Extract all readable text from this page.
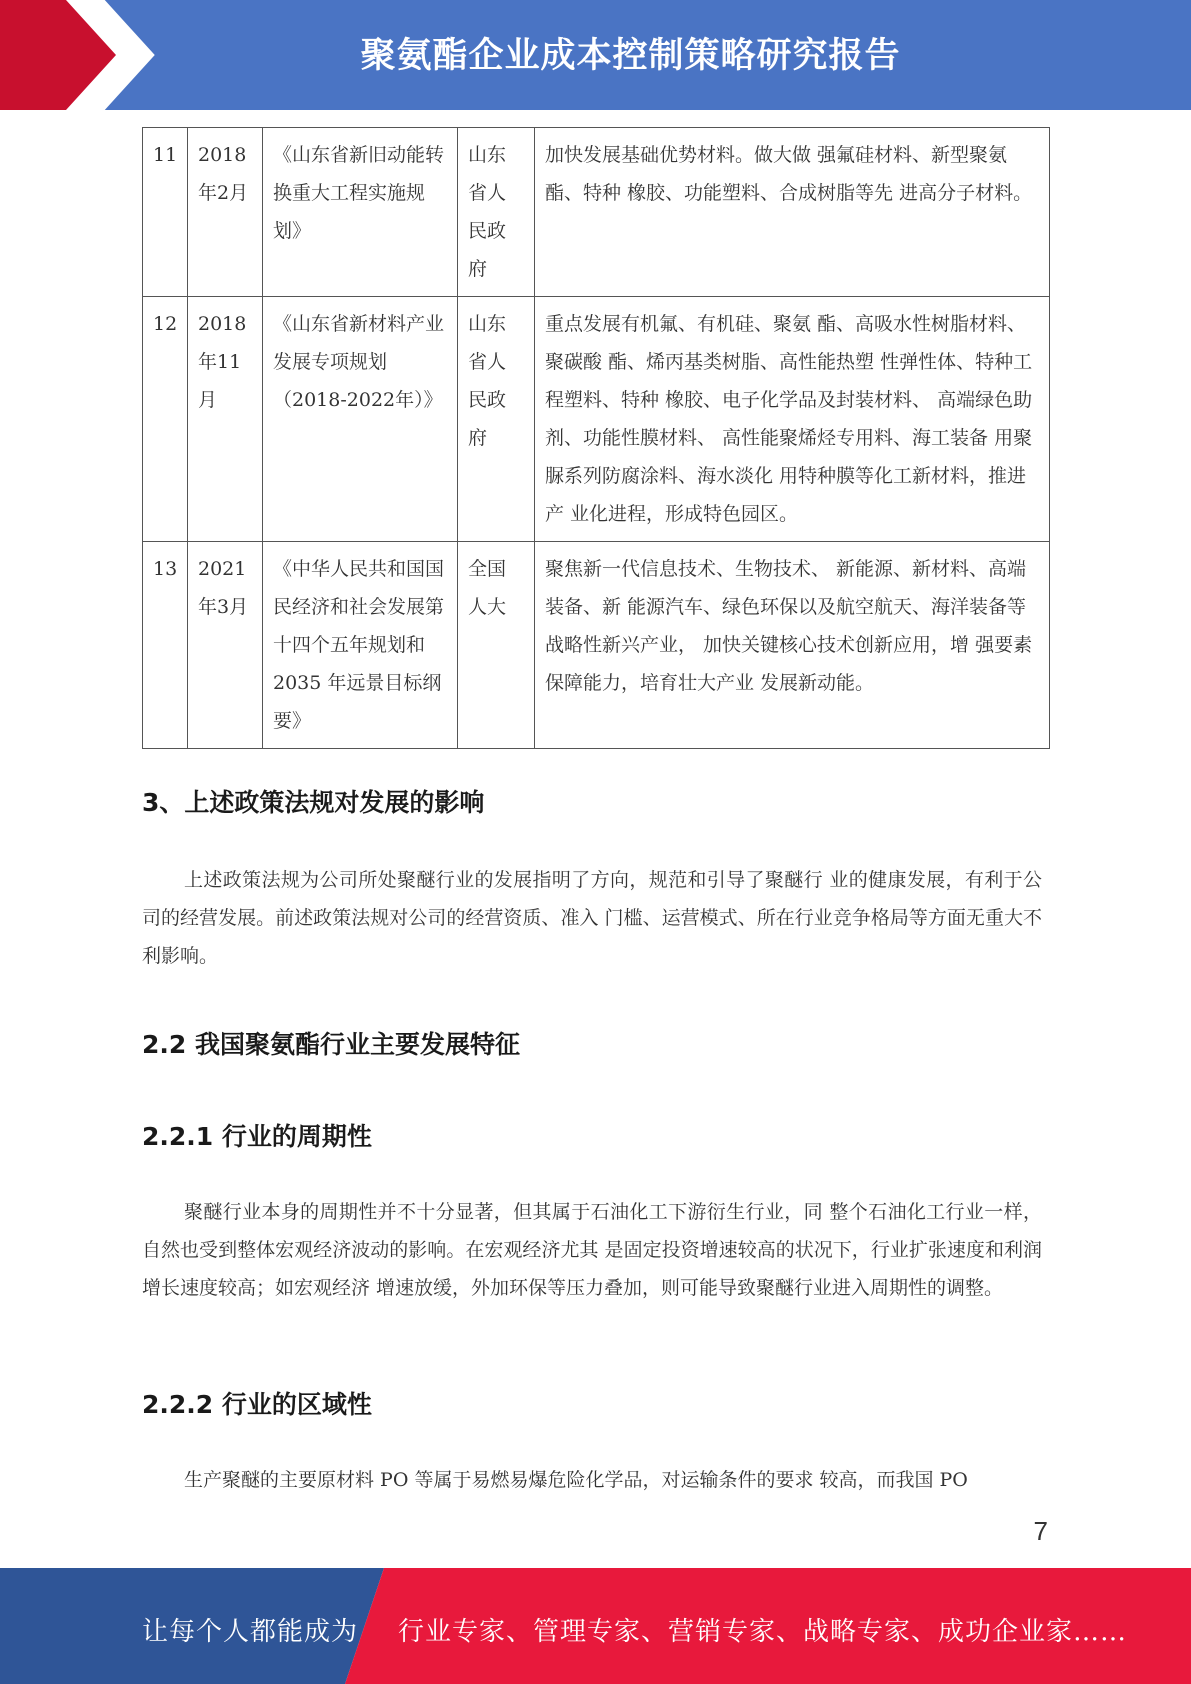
聚氨酯企业成本控制策略研究报告
11	2018年2月	《山东省新旧动能转换重大工程实施规划》	山东省人民政府	加快发展基础优势材料。做大做 强氟硅材料、新型聚氨酯、特种 橡胶、功能塑料、合成树脂等先 进高分子材料。
12	2018年11月	《山东省新材料产业发展专项规划（2018-2022年）》	山东省人民政府	重点发展有机氟、有机硅、聚氨 酯、高吸水性树脂材料、聚碳酸 酯、烯丙基类树脂、高性能热塑 性弹性体、特种工程塑料、特种 橡胶、电子化学品及封装材料、 高端绿色助剂、功能性膜材料、 高性能聚烯烃专用料、海工装备 用聚脲系列防腐涂料、海水淡化 用特种膜等化工新材料，推进产 业化进程，形成特色园区。
13	2021年3月	《中华人民共和国国民经济和社会发展第十四个五年规划和 2035 年远景目标纲要》	全国人大	聚焦新一代信息技术、生物技术、 新能源、新材料、高端装备、新 能源汽车、绿色环保以及航空航天、海洋装备等战略性新兴产业， 加快关键核心技术创新应用，增 强要素保障能力，培育壮大产业 发展新动能。
3、上述政策法规对发展的影响

上述政策法规为公司所处聚醚行业的发展指明了方向，规范和引导了聚醚行 业的健康发展，有利于公司的经营发展。前述政策法规对公司的经营资质、准入 门槛、运营模式、所在行业竞争格局等方面无重大不利影响。

2.2 我国聚氨酯行业主要发展特征
2.2.1 行业的周期性

聚醚行业本身的周期性并不十分显著，但其属于石油化工下游衍生行业，同 整个石油化工行业一样，自然也受到整体宏观经济波动的影响。在宏观经济尤其 是固定投资增速较高的状况下，行业扩张速度和利润增长速度较高；如宏观经济 增速放缓，外加环保等压力叠加，则可能导致聚醚行业进入周期性的调整。

2.2.2 行业的区域性

生产聚醚的主要原材料 PO 等属于易燃易爆危险化学品，对运输条件的要求 较高，而我国 PO

7
让每个人都能成为 行业专家、管理专家、营销专家、战略专家、成功企业家……
